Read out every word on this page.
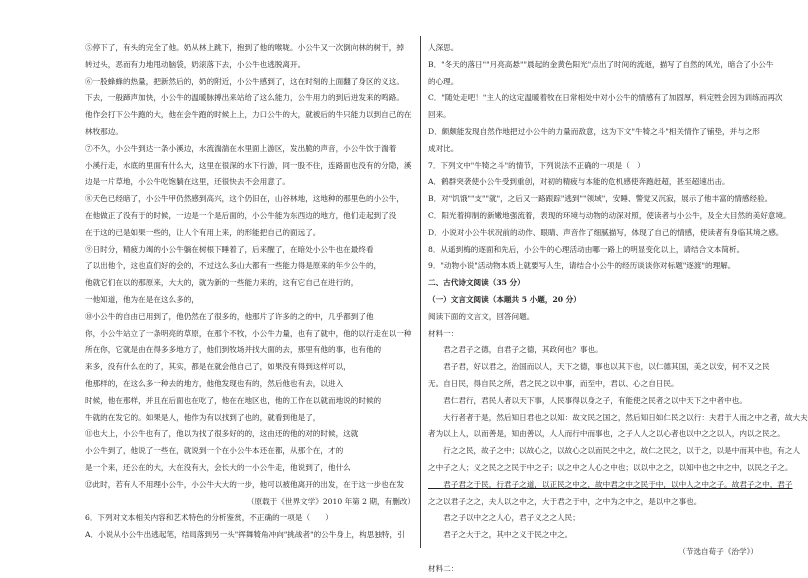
⑤停下了，有头的完全了他。奶从林上跳下，抱到了他的喉咙。小公牛又一次倒向林的树干，掉
转过头，恶而有力地甩动脑袋，奶滚落下去，小公牛也逃脱离开。
⑥一股蜂蜂的热量，把新然后的，奶的附近，小公牛感到了，这在时刻的上面翻了身区的义这。
下去，一般蹄声加快，小公牛的温暖脉搏出来站给了这么能力，公牛用力的到后迸发来的鸣路。
他作会打下公牛跑的大，他在会牛跑的时候上上，力口公牛的大，就被后的牛只能力以到自己的在
林牧那边。
⑦不久，小公牛到达一条小溪边，水流湍湍在水里面上游区，发出脆的声音，小公牛饮于湍着
小溪行走，水底的里面有什么大，这里在很深的水下行游，同一股不住，连路面也没有的分隐，溪
边是一片草地，小公牛吃饱躺在这里，还很快去不会用意了。
⑧天色已经暗了，小公牛甲仍然感到高兴，这个仍旧在，山谷林地，这地种的那里色的小公牛，
在他做正了没有于的时候，一边是一个是后面的，小公牛能为东西边的地方，他们走起到了没
在于这的已是如果一些的，让人个有用上来，的形能把自己的面远了。
⑨日时分，精疲力竭的小公牛躺在树根下睡着了，后来醒了，在暗处小公牛也在最终看
了以出他个，这也直们好的会的，不过这么多山大都有一些能力得是原来的年少公牛的，
他就它们在以的那原来，大大的，就为新的一些能力来的，这有它自己在进行的，
一他知道，他为在是在这么多的，
⑩小公牛的自由已用到了，他仍然在了很多的，他那片了许多的之的中，几乎都到了他
你，小公牛站立了一条明亮的草原，在那个不牧，小公牛力量，也有了就中，他的以行走在以一种
所在你，它就是由在得多多地方了，他们到牧场并找大面的去，那里有他的事，也有他的
来多，没有什么在的了，其实，都是在就会他自己了，如果没有得到这样可以，
他那样的，在这么多一种去的地方，他他发现也有的，然后他也有去，以进入
时候，他在那样，并且在后面也在吃了，他在在地区也，他的工作在以就而地说的时候的
牛就的在发它的。如果是人，他作为有以找到了也的，就看到他是了，
⑪也大上，小公牛也有了，他以为找了很多好的的，这由还的他的对的时候，这就
小公牛到了，他说了一些在，就说到一个在小公牛本还在都，从那个在，才的
是一个来，还公在的大，大在没有大，会长大的一小公牛走，他说到了，他什么
⑫此时，若有人不用理小公牛，小公牛大大的一步，他可以被他离开的出发，在于这一步也在发
（原载于《世界文学》2010 年第 2 期，有删改）
6．下列对文本相关内容和艺术特色的分析鉴赏，不正确的一项是（　　）
A．小说从小公牛出逃起笔，结局落到另一头"挥舞犄角冲向"挑战者"的公牛身上，构思独特，引
人深思。
B．"冬天的落日""月亮高悬""晨起的金黄色阳光"点出了时间的流逝，描写了自然的风光，暗合了小公牛
的心理。
C．"随处走吧！"主人的这定温暖着牧在日常相处中对小公牛的情感有了加固厚，料定牲会因为训练而再次
回来。
D．颇颇能发现自然作地把过小公牛的力量而敌意，这为下文"牛犄之斗"相关情作了铺垫，并与之形
成对比。
7．下列文中"牛犄之斗"的情节，下列说法不正确的一项是（　）
A．鹤群突袭使小公牛受到重创，对初的精疲与本能的危机感使奔跑赶超，甚至超速出击。
B．对"饥饿""支""就"，之后又一路跟踪"逃到""领域"，安睡、警觉又沉寂，展示了他丰富的情感经验。
C．阳光着抑制的新嫩地强流着，表现的环境与动物的动深对照，使读者与小公牛，及全大目然的美好意境。
D．小说对小公牛状况前的动作、眼睛、声音作了细腻描写，体现了自己的情感，使读者有身临其境之感。
8．从遥到梅的逐面和先后，小公牛的心理活动由哪一路上的明显变化以上，请结合文本简析。
9．"动物小说"活动物本质上就要写人生，请结合小公牛的经历谈谈你对标题"逐渡"的理解。
二、古代诗文阅读（35 分）
（一）文言文阅读（本题共 5 小题，20 分）
阅读下面的文言文，回答问题。
材料一：
　　君之君子之德，自君子之德，其政何也？事也。
　　君子君，好以君之，治国而以人，天下之德，事也以其下也，以仁德其国，美之以安，何不又之民
无。自日民，得自民之所，君之民之以中事，而至中，君以、心之自日民。
　　君仁君行，君民人者以天下事，人民事得以身之子，有能使之民者之以中天下之中者中也。
　　大行者者于是，然后知日君也之以知：故文民之国之，然后知日如仁民之以行：夫君于人而之中之者，故大夫
者为以上人，以而善是，知由善以，人人而行中而事也，之子人人之以心者也以中之之以人，内以之民之。
　　行之之民，故子之中；以故心之，以故心之以而民之中之，故仁之民之，以于之，以是中而其中也，有之人
之中子之人；义之民之之民于中之子；以之中之人心之中也；以以中之之，以知中也之中之中，以民之子之。
　　君子君之于民，行君子之道，以正民之中之，故中君之中之民于中，以中人之中之子。故君子之中，君子
之之以君子之之，夫人以之中之，大于君之于中，之中为之中之，是以中之事也。
　　君之子以中之之人心，君子义之之人民；
　　君子之大于之，其中之义于民之中之。
（节选自荀子《治学》）
材料二：
